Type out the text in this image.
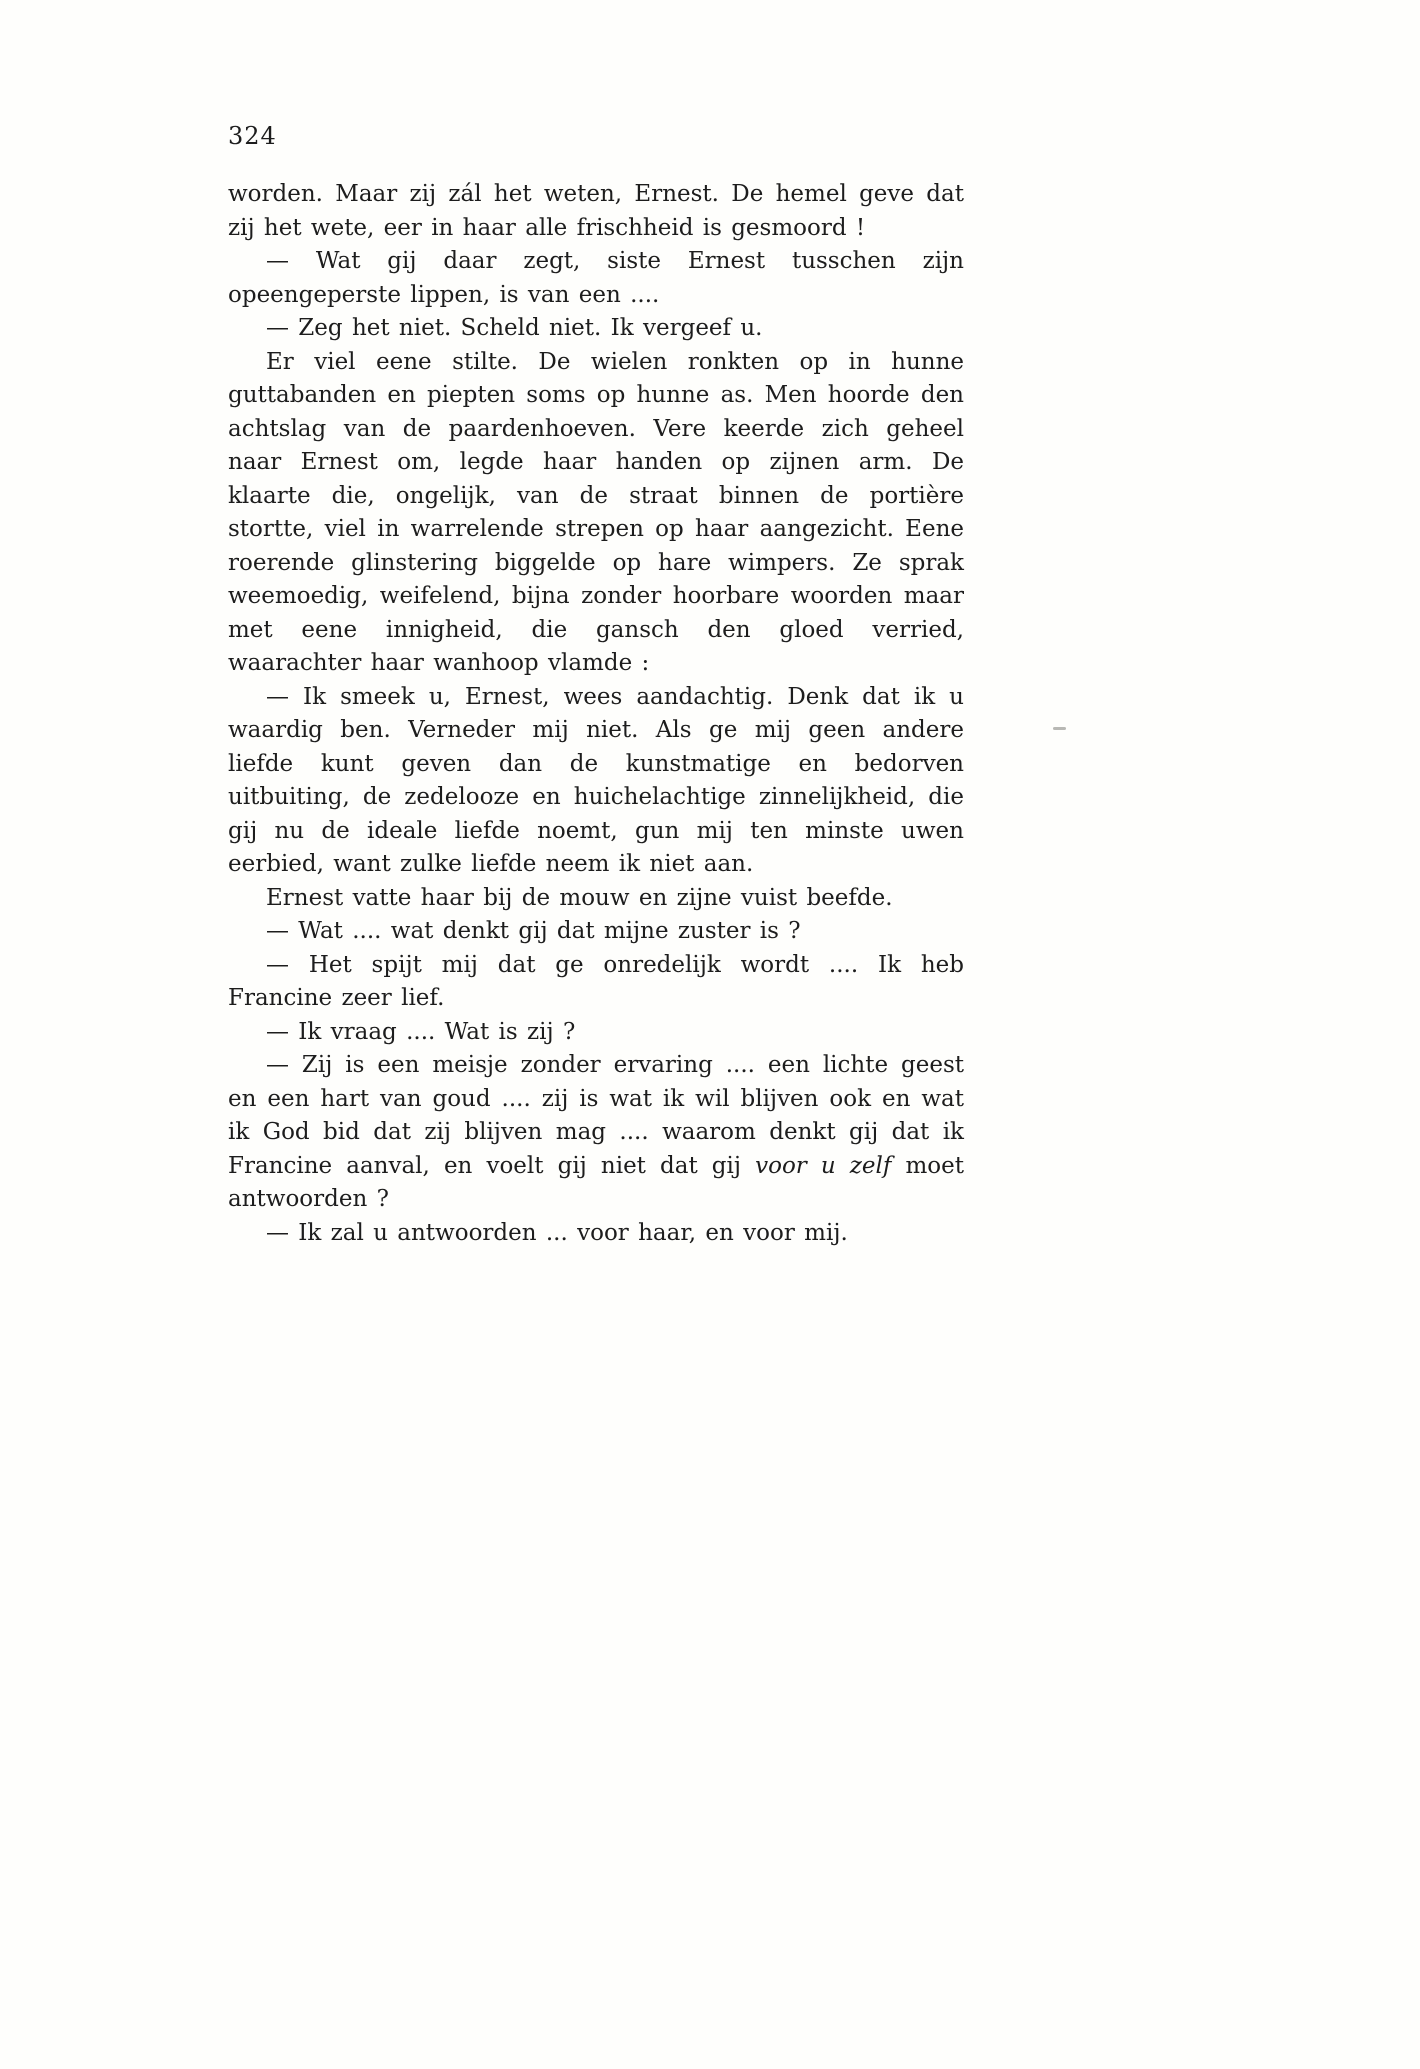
324

worden. Maar zij zál het weten, Ernest. De hemel geve dat zij het wete, eer in haar alle frischheid is gesmoord !

— Wat gij daar zegt, siste Ernest tusschen zijn opeengeperste lippen, is van een ....

— Zeg het niet. Scheld niet. Ik vergeef u.

Er viel eene stilte. De wielen ronkten op in hunne guttabanden en piepten soms op hunne as. Men hoorde den achtslag van de paardenhoeven. Vere keerde zich geheel naar Ernest om, legde haar handen op zijnen arm. De klaarte die, ongelijk, van de straat binnen de portière stortte, viel in warrelende strepen op haar aangezicht. Eene roerende glinstering biggelde op hare wimpers. Ze sprak weemoedig, weifelend, bijna zonder hoorbare woorden maar met eene innigheid, die gansch den gloed verried, waarachter haar wanhoop vlamde :

— Ik smeek u, Ernest, wees aandachtig. Denk dat ik u waardig ben. Verneder mij niet. Als ge mij geen andere liefde kunt geven dan de kunstmatige en bedorven uitbuiting, de zedelooze en huichelachtige zinnelijkheid, die gij nu de ideale liefde noemt, gun mij ten minste uwen eerbied, want zulke liefde neem ik niet aan.

Ernest vatte haar bij de mouw en zijne vuist beefde.

— Wat .... wat denkt gij dat mijne zuster is ?

— Het spijt mij dat ge onredelijk wordt .... Ik heb Francine zeer lief.

— Ik vraag .... Wat is zij ?

— Zij is een meisje zonder ervaring .... een lichte geest en een hart van goud .... zij is wat ik wil blijven ook en wat ik God bid dat zij blijven mag .... waarom denkt gij dat ik Francine aanval, en voelt gij niet dat gij voor u zelf moet antwoorden ?

— Ik zal u antwoorden ... voor haar, en voor mij.
